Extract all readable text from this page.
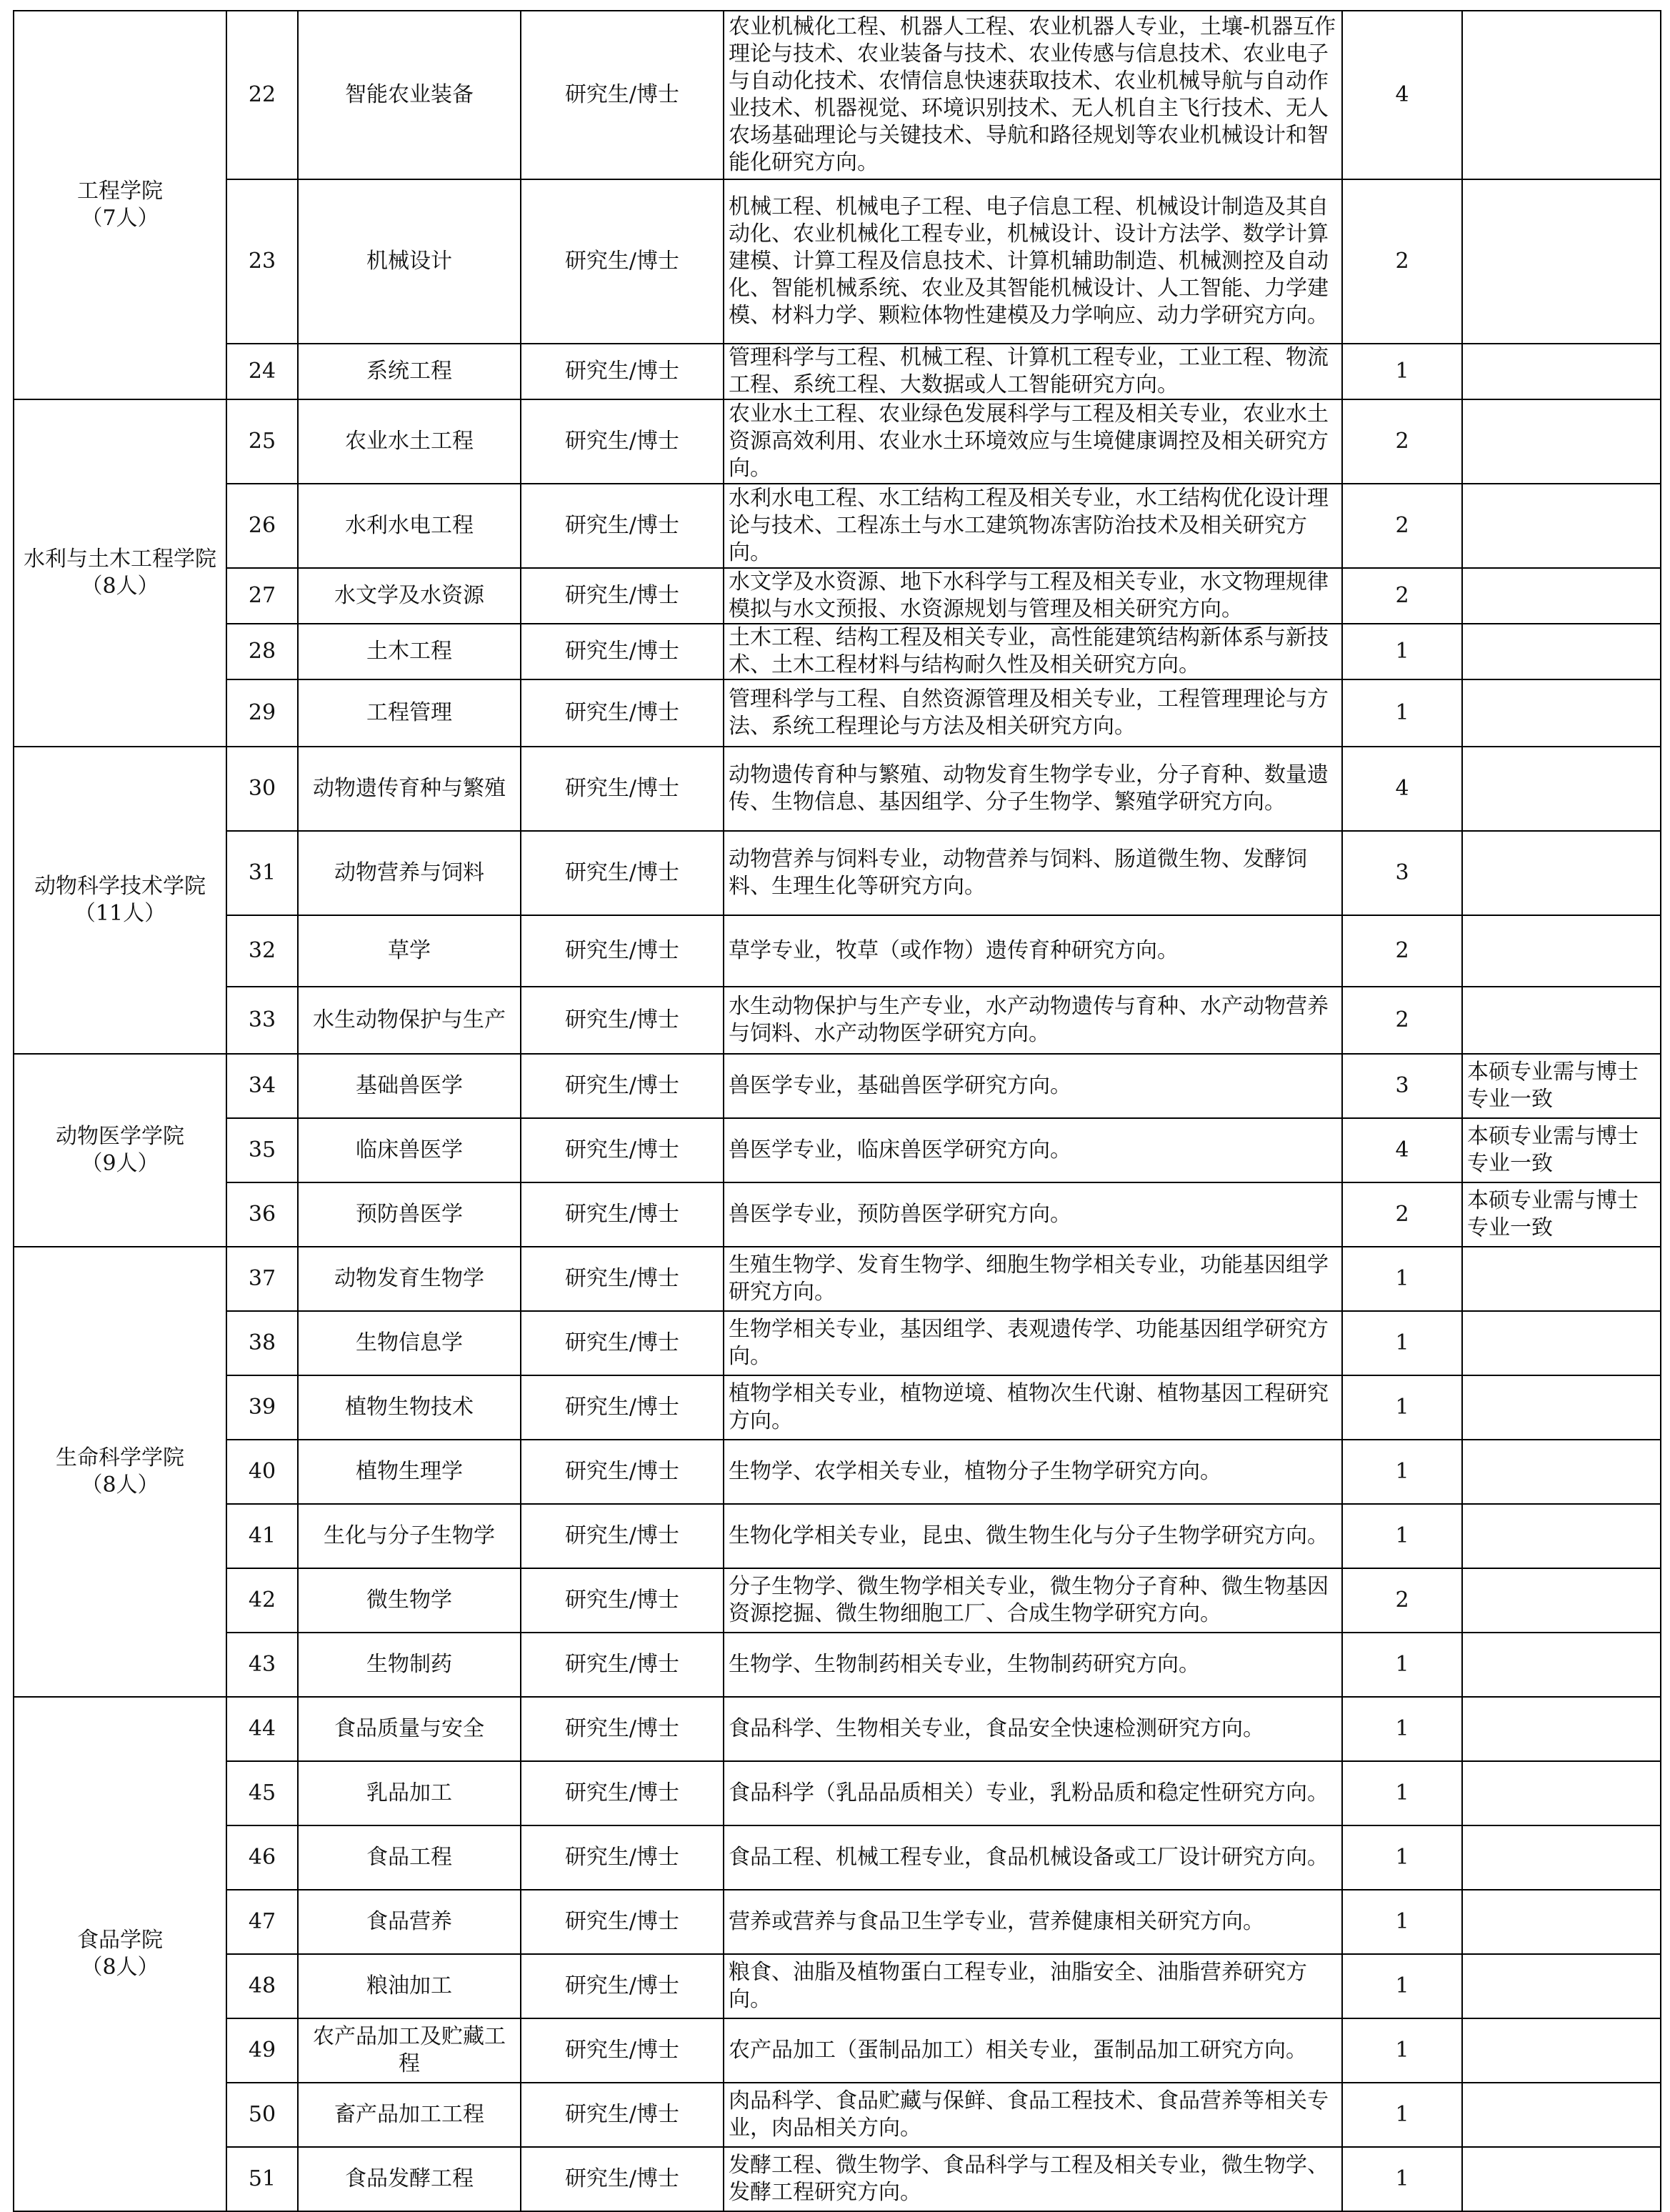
工程学院
（7人）	22	智能农业装备	研究生/博士	农业机械化工程、机器人工程、农业机器人专业，土壤-机器互作理论与技术、农业装备与技术、农业传感与信息技术、农业电子与自动化技术、农情信息快速获取技术、农业机械导航与自动作业技术、机器视觉、环境识别技术、无人机自主飞行技术、无人农场基础理论与关键技术、导航和路径规划等农业机械设计和智能化研究方向。	4	
	23	机械设计	研究生/博士	机械工程、机械电子工程、电子信息工程、机械设计制造及其自动化、农业机械化工程专业，机械设计、设计方法学、数学计算建模、计算工程及信息技术、计算机辅助制造、机械测控及自动化、智能机械系统、农业及其智能机械设计、人工智能、力学建模、材料力学、颗粒体物性建模及力学响应、动力学研究方向。	2	
	24	系统工程	研究生/博士	管理科学与工程、机械工程、计算机工程专业，工业工程、物流工程、系统工程、大数据或人工智能研究方向。	1	

水利与土木工程学院
（8人）	25	农业水土工程	研究生/博士	农业水土工程、农业绿色发展科学与工程及相关专业，农业水土资源高效利用、农业水土环境效应与生境健康调控及相关研究方向。	2	
	26	水利水电工程	研究生/博士	水利水电工程、水工结构工程及相关专业，水工结构优化设计理论与技术、工程冻土与水工建筑物冻害防治技术及相关研究方向。	2	
	27	水文学及水资源	研究生/博士	水文学及水资源、地下水科学与工程及相关专业，水文物理规律模拟与水文预报、水资源规划与管理及相关研究方向。	2	
	28	土木工程	研究生/博士	土木工程、结构工程及相关专业，高性能建筑结构新体系与新技术、土木工程材料与结构耐久性及相关研究方向。	1	
	29	工程管理	研究生/博士	管理科学与工程、自然资源管理及相关专业，工程管理理论与方法、系统工程理论与方法及相关研究方向。	1	

动物科学技术学院
（11人）	30	动物遗传育种与繁殖	研究生/博士	动物遗传育种与繁殖、动物发育生物学专业，分子育种、数量遗传、生物信息、基因组学、分子生物学、繁殖学研究方向。	4	
	31	动物营养与饲料	研究生/博士	动物营养与饲料专业，动物营养与饲料、肠道微生物、发酵饲料、生理生化等研究方向。	3	
	32	草学	研究生/博士	草学专业，牧草（或作物）遗传育种研究方向。	2	
	33	水生动物保护与生产	研究生/博士	水生动物保护与生产专业，水产动物遗传与育种、水产动物营养与饲料、水产动物医学研究方向。	2	

动物医学学院
（9人）	34	基础兽医学	研究生/博士	兽医学专业，基础兽医学研究方向。	3	本硕专业需与博士专业一致
	35	临床兽医学	研究生/博士	兽医学专业，临床兽医学研究方向。	4	本硕专业需与博士专业一致
	36	预防兽医学	研究生/博士	兽医学专业，预防兽医学研究方向。	2	本硕专业需与博士专业一致

生命科学学院
（8人）	37	动物发育生物学	研究生/博士	生殖生物学、发育生物学、细胞生物学相关专业，功能基因组学研究方向。	1	
	38	生物信息学	研究生/博士	生物学相关专业，基因组学、表观遗传学、功能基因组学研究方向。	1	
	39	植物生物技术	研究生/博士	植物学相关专业，植物逆境、植物次生代谢、植物基因工程研究方向。	1	
	40	植物生理学	研究生/博士	生物学、农学相关专业，植物分子生物学研究方向。	1	
	41	生化与分子生物学	研究生/博士	生物化学相关专业，昆虫、微生物生化与分子生物学研究方向。	1	
	42	微生物学	研究生/博士	分子生物学、微生物学相关专业，微生物分子育种、微生物基因资源挖掘、微生物细胞工厂、合成生物学研究方向。	2	
	43	生物制药	研究生/博士	生物学、生物制药相关专业，生物制药研究方向。	1	

食品学院
（8人）	44	食品质量与安全	研究生/博士	食品科学、生物相关专业，食品安全快速检测研究方向。	1	
	45	乳品加工	研究生/博士	食品科学（乳品品质相关）专业，乳粉品质和稳定性研究方向。	1	
	46	食品工程	研究生/博士	食品工程、机械工程专业，食品机械设备或工厂设计研究方向。	1	
	47	食品营养	研究生/博士	营养或营养与食品卫生学专业，营养健康相关研究方向。	1	
	48	粮油加工	研究生/博士	粮食、油脂及植物蛋白工程专业，油脂安全、油脂营养研究方向。	1	
	49	农产品加工及贮藏工程	研究生/博士	农产品加工（蛋制品加工）相关专业，蛋制品加工研究方向。	1	
	50	畜产品加工工程	研究生/博士	肉品科学、食品贮藏与保鲜、食品工程技术、食品营养等相关专业，肉品相关方向。	1	
	51	食品发酵工程	研究生/博士	发酵工程、微生物学、食品科学与工程及相关专业，微生物学、发酵工程研究方向。	1	
